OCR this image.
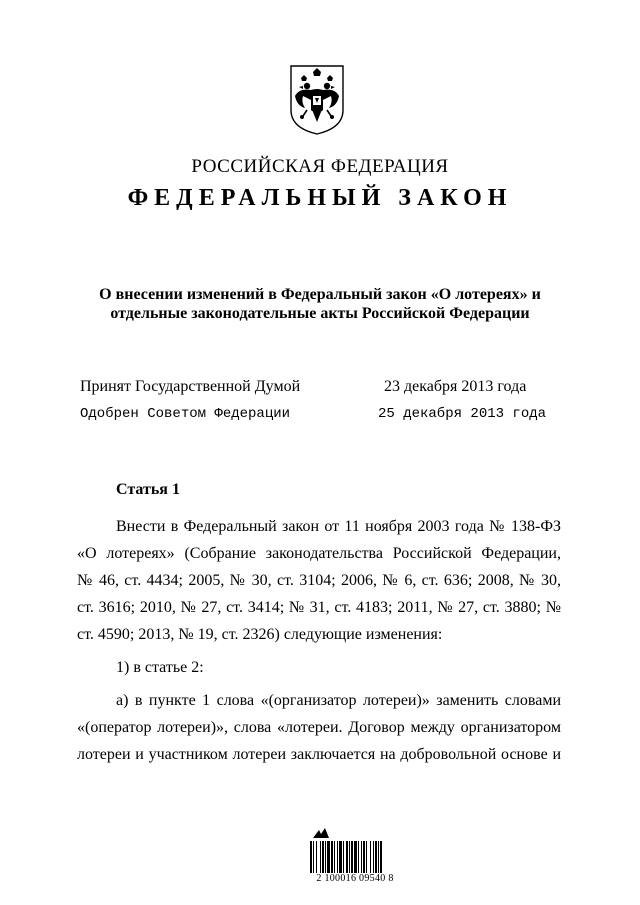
РОССИЙСКАЯ ФЕДЕРАЦИЯ
ФЕДЕРАЛЬНЫЙ ЗАКОН
О внесении изменений в Федеральный закон «О лотереях» и
отдельные законодательные акты Российской Федерации
Принят Государственной Думой	23 декабря 2013 года
Одобрен Советом Федерации	25 декабря 2013 года
Статья 1
Внести в Федеральный закон от 11 ноября 2003 года № 138-ФЗ
«О лотереях» (Собрание законодательства Российской Федерации,
№ 46, ст. 4434; 2005, № 30, ст. 3104; 2006, № 6, ст. 636; 2008, № 30,
ст. 3616; 2010, № 27, ст. 3414; № 31, ст. 4183; 2011, № 27, ст. 3880; №
ст. 4590; 2013, № 19, ст. 2326) следующие изменения:
1) в статье 2:
а) в пункте 1 слова «(организатор лотереи)» заменить словами
«(оператор лотереи)», слова «лотереи. Договор между организатором
лотереи и участником лотереи заключается на добровольной основе и
2 100016 09540 8
